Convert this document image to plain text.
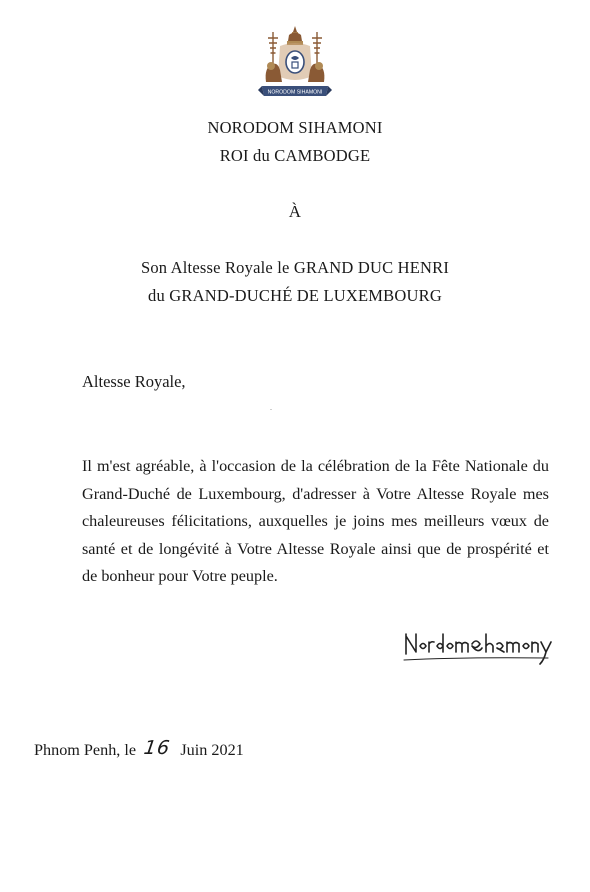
NORODOM SIHAMONI
NORODOM SIHAMONI
ROI du CAMBODGE
À
Son Altesse Royale le GRAND DUC HENRI
du GRAND-DUCHÉ DE LUXEMBOURG
Altesse Royale,
Il m'est agréable, à l'occasion de la célébration de la Fête Nationale du Grand-Duché de Luxembourg, d'adresser à Votre Altesse Royale mes chaleureuses félicitations, auxquelles je joins mes meilleurs vœux de santé et de longévité à Votre Altesse Royale ainsi que de prospérité et de bonheur pour Votre peuple.
Phnom Penh, le 16 Juin 2021
